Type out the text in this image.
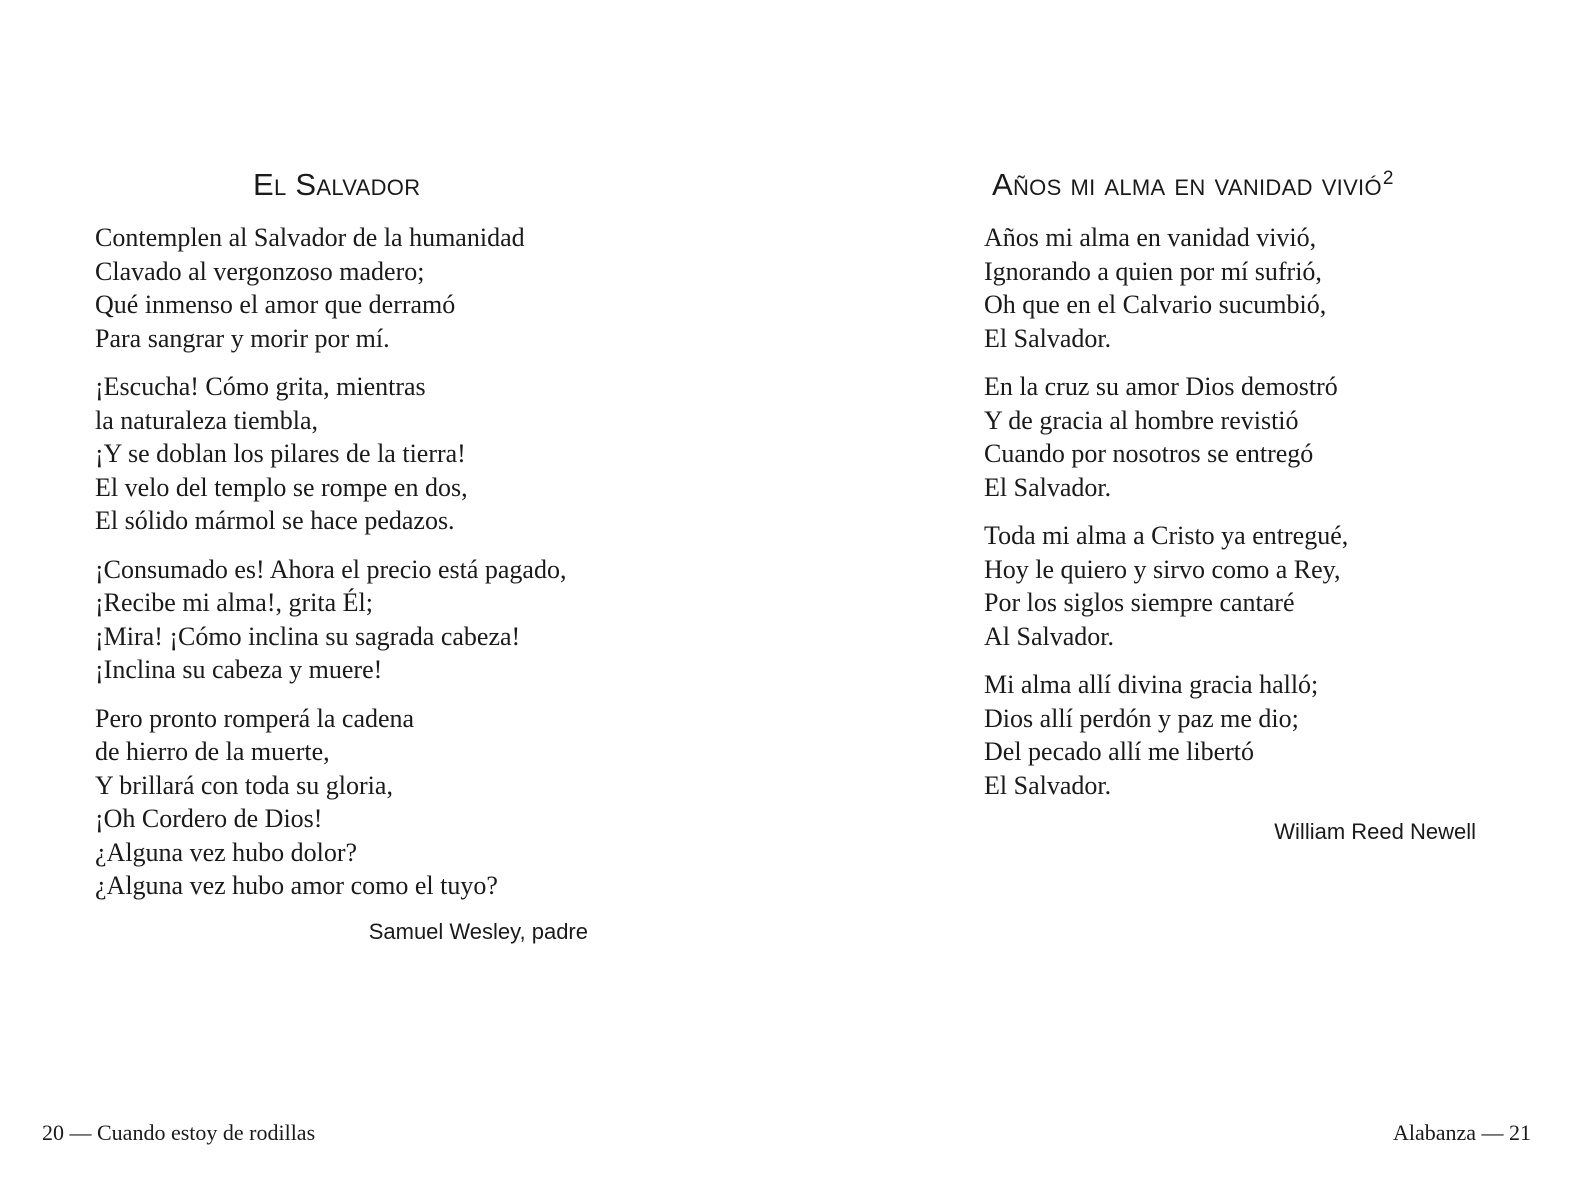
El Salvador

Contemplen al Salvador de la humanidad
Clavado al vergonzoso madero;
Qué inmenso el amor que derramó
Para sangrar y morir por mí.

¡Escucha! Cómo grita, mientras
la naturaleza tiembla,
¡Y se doblan los pilares de la tierra!
El velo del templo se rompe en dos,
El sólido mármol se hace pedazos.

¡Consumado es! Ahora el precio está pagado,
¡Recibe mi alma!, grita Él;
¡Mira! ¡Cómo inclina su sagrada cabeza!
¡Inclina su cabeza y muere!

Pero pronto romperá la cadena
de hierro de la muerte,
Y brillará con toda su gloria,
¡Oh Cordero de Dios!
¿Alguna vez hubo dolor?
¿Alguna vez hubo amor como el tuyo?

Samuel Wesley, padre
20 — Cuando estoy de rodillas
Años mi alma en vanidad vivió$^2$

Años mi alma en vanidad vivió,
Ignorando a quien por mí sufrió,
Oh que en el Calvario sucumbió,
El Salvador.

En la cruz su amor Dios demostró
Y de gracia al hombre revistió
Cuando por nosotros se entregó
El Salvador.

Toda mi alma a Cristo ya entregué,
Hoy le quiero y sirvo como a Rey,
Por los siglos siempre cantaré
Al Salvador.

Mi alma allí divina gracia halló;
Dios allí perdón y paz me dio;
Del pecado allí me libertó
El Salvador.

William Reed Newell
Alabanza — 21
